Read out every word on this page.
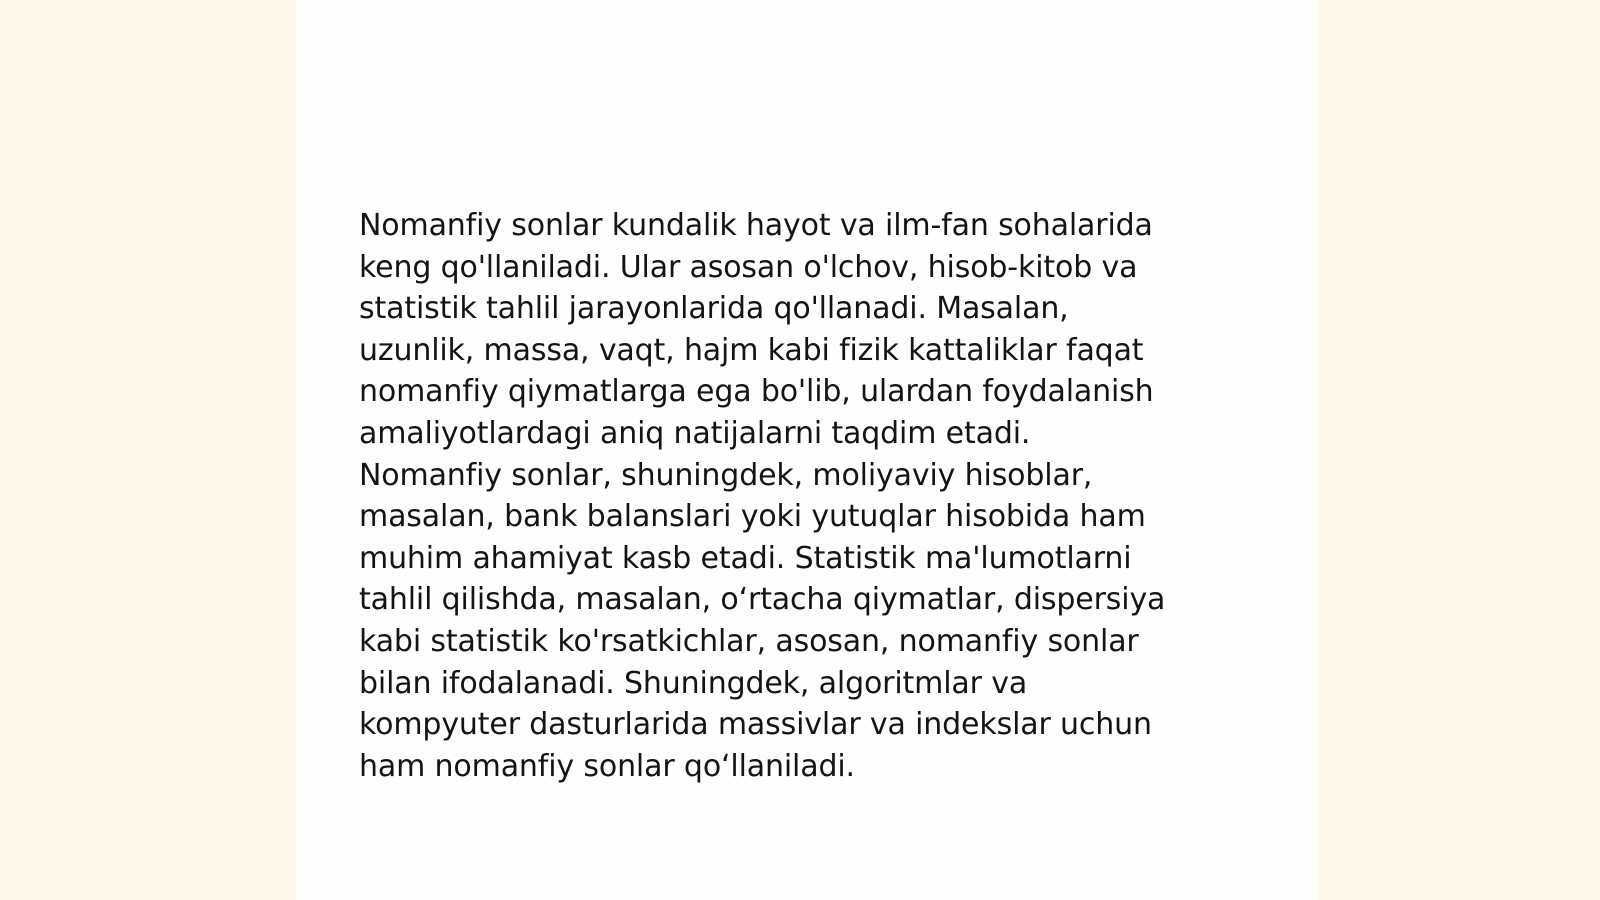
Nomanfiy sonlar kundalik hayot va ilm-fan sohalarida
keng qo'llaniladi. Ular asosan o'lchov, hisob-kitob va
statistik tahlil jarayonlarida qo'llanadi. Masalan,
uzunlik, massa, vaqt, hajm kabi fizik kattaliklar faqat
nomanfiy qiymatlarga ega bo'lib, ulardan foydalanish
amaliyotlardagi aniq natijalarni taqdim etadi.
Nomanfiy sonlar, shuningdek, moliyaviy hisoblar,
masalan, bank balanslari yoki yutuqlar hisobida ham
muhim ahamiyat kasb etadi. Statistik ma'lumotlarni
tahlil qilishda, masalan, o‘rtacha qiymatlar, dispersiya
kabi statistik ko'rsatkichlar, asosan, nomanfiy sonlar
bilan ifodalanadi. Shuningdek, algoritmlar va
kompyuter dasturlarida massivlar va indekslar uchun
ham nomanfiy sonlar qo‘llaniladi.
